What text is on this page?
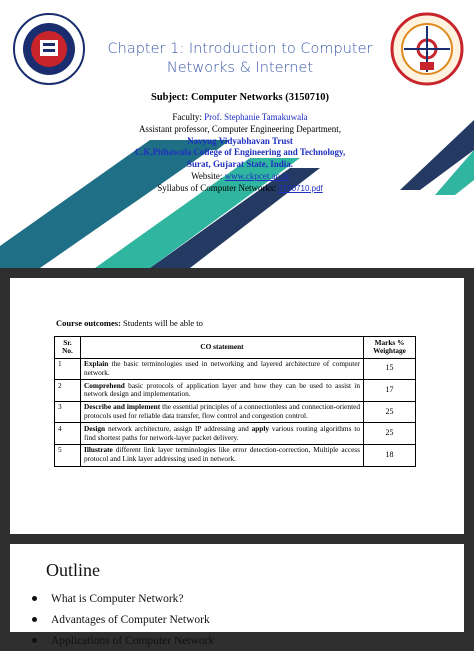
Chapter 1: Introduction to Computer
Networks & Internet
Subject: Computer Networks (3150710)
Faculty: Prof. Stephanie Tamakuwala
Assistant professor, Computer Engineering Department,
Navyug Vidyabhavan Trust
C.K.Pithawala College of Engineering and Technology,
Surat, Gujarat State, India.
Website: www.ckpcet.ac.in
Syllabus of Computer Networks: 3150710.pdf
Course outcomes: Students will be able to
Sr. No.	CO statement	Marks % Weightage
1	Explain the basic terminologies used in networking and layered architecture of computer network.	15
2	Comprehend basic protocols of application layer and how they can be used to assist in network design and implementation.	17
3	Describe and implement the essential principles of a connectionless and connection-oriented protocols used for reliable data transfer, flow control and congestion control.	25
4	Design network architecture, assign IP addressing and apply various routing algorithms to find shortest paths for network-layer packet delivery.	25
5	Illustrate different link layer terminologies like error detection-correction, Multiple access protocol and Link layer addressing used in network.	18
Outline
What is Computer Network?
Advantages of Computer Network
Applications of Computer Network
